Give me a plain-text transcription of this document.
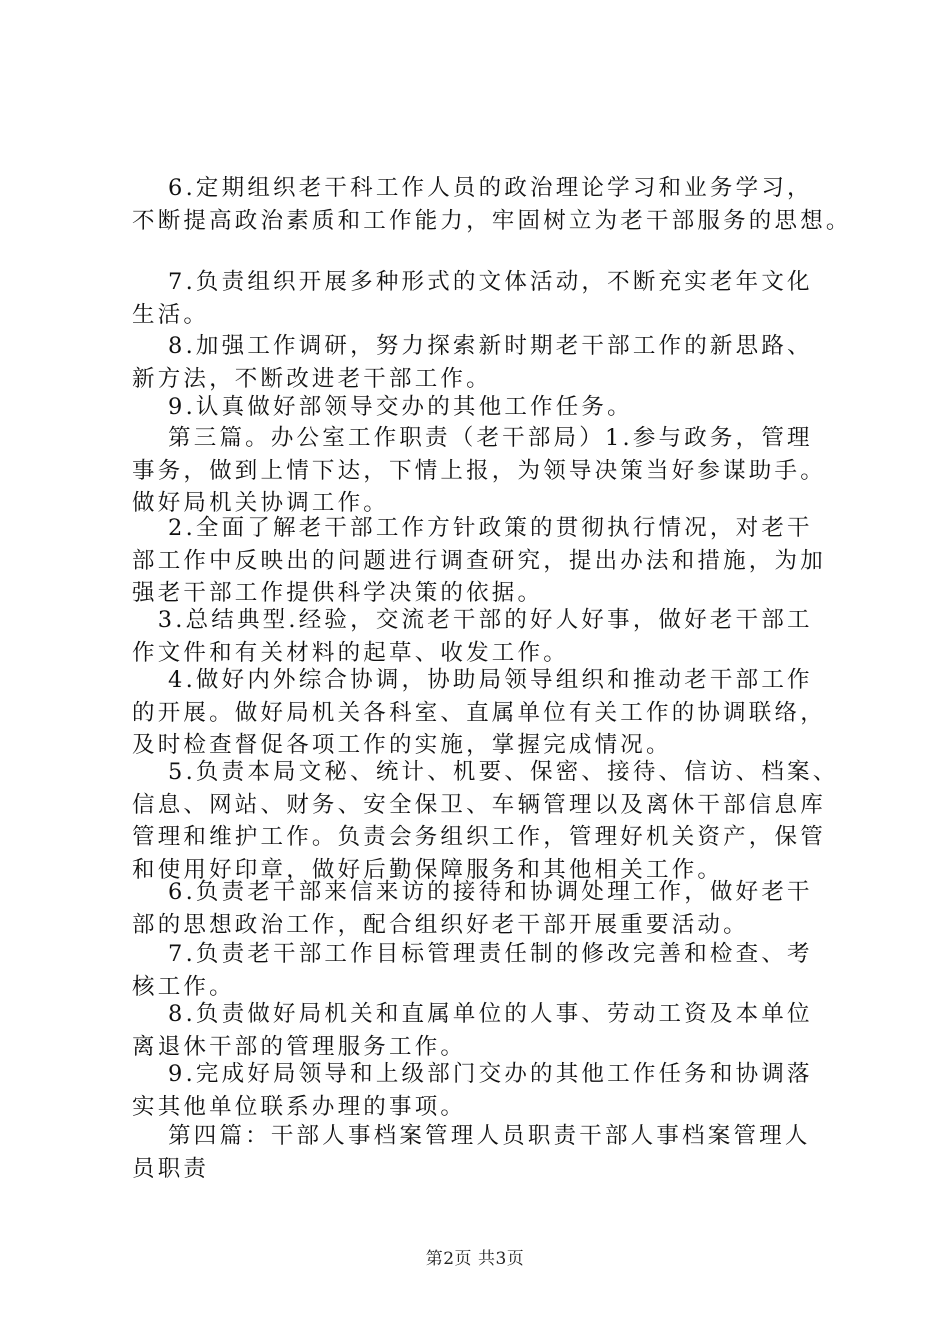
　 6.定期组织老干科工作人员的政治理论学习和业务学习，
不断提高政治素质和工作能力，牢固树立为老干部服务的思想。

　 7.负责组织开展多种形式的文体活动，不断充实老年文化
生活。

　 8.加强工作调研，努力探索新时期老干部工作的新思路、
新方法，不断改进老干部工作。

　 9.认真做好部领导交办的其他工作任务。

　 第三篇。办公室工作职责（老干部局）1.参与政务，管理
事务，做到上情下达，下情上报，为领导决策当好参谋助手。
做好局机关协调工作。

　 2.全面了解老干部工作方针政策的贯彻执行情况，对老干
部工作中反映出的问题进行调查研究，提出办法和措施，为加
强老干部工作提供科学决策的依据。

　3.总结典型.经验，交流老干部的好人好事，做好老干部工
作文件和有关材料的起草、收发工作。

　 4.做好内外综合协调，协助局领导组织和推动老干部工作
的开展。做好局机关各科室、直属单位有关工作的协调联络，
及时检查督促各项工作的实施，掌握完成情况。

　 5.负责本局文秘、统计、机要、保密、接待、信访、档案、
信息、网站、财务、安全保卫、车辆管理以及离休干部信息库
管理和维护工作。负责会务组织工作，管理好机关资产，保管
和使用好印章，做好后勤保障服务和其他相关工作。

　 6.负责老干部来信来访的接待和协调处理工作，做好老干
部的思想政治工作，配合组织好老干部开展重要活动。

　 7.负责老干部工作目标管理责任制的修改完善和检查、考
核工作。

　 8.负责做好局机关和直属单位的人事、劳动工资及本单位
离退休干部的管理服务工作。

　 9.完成好局领导和上级部门交办的其他工作任务和协调落
实其他单位联系办理的事项。

　 第四篇：干部人事档案管理人员职责干部人事档案管理人
员职责

第2页 共3页
